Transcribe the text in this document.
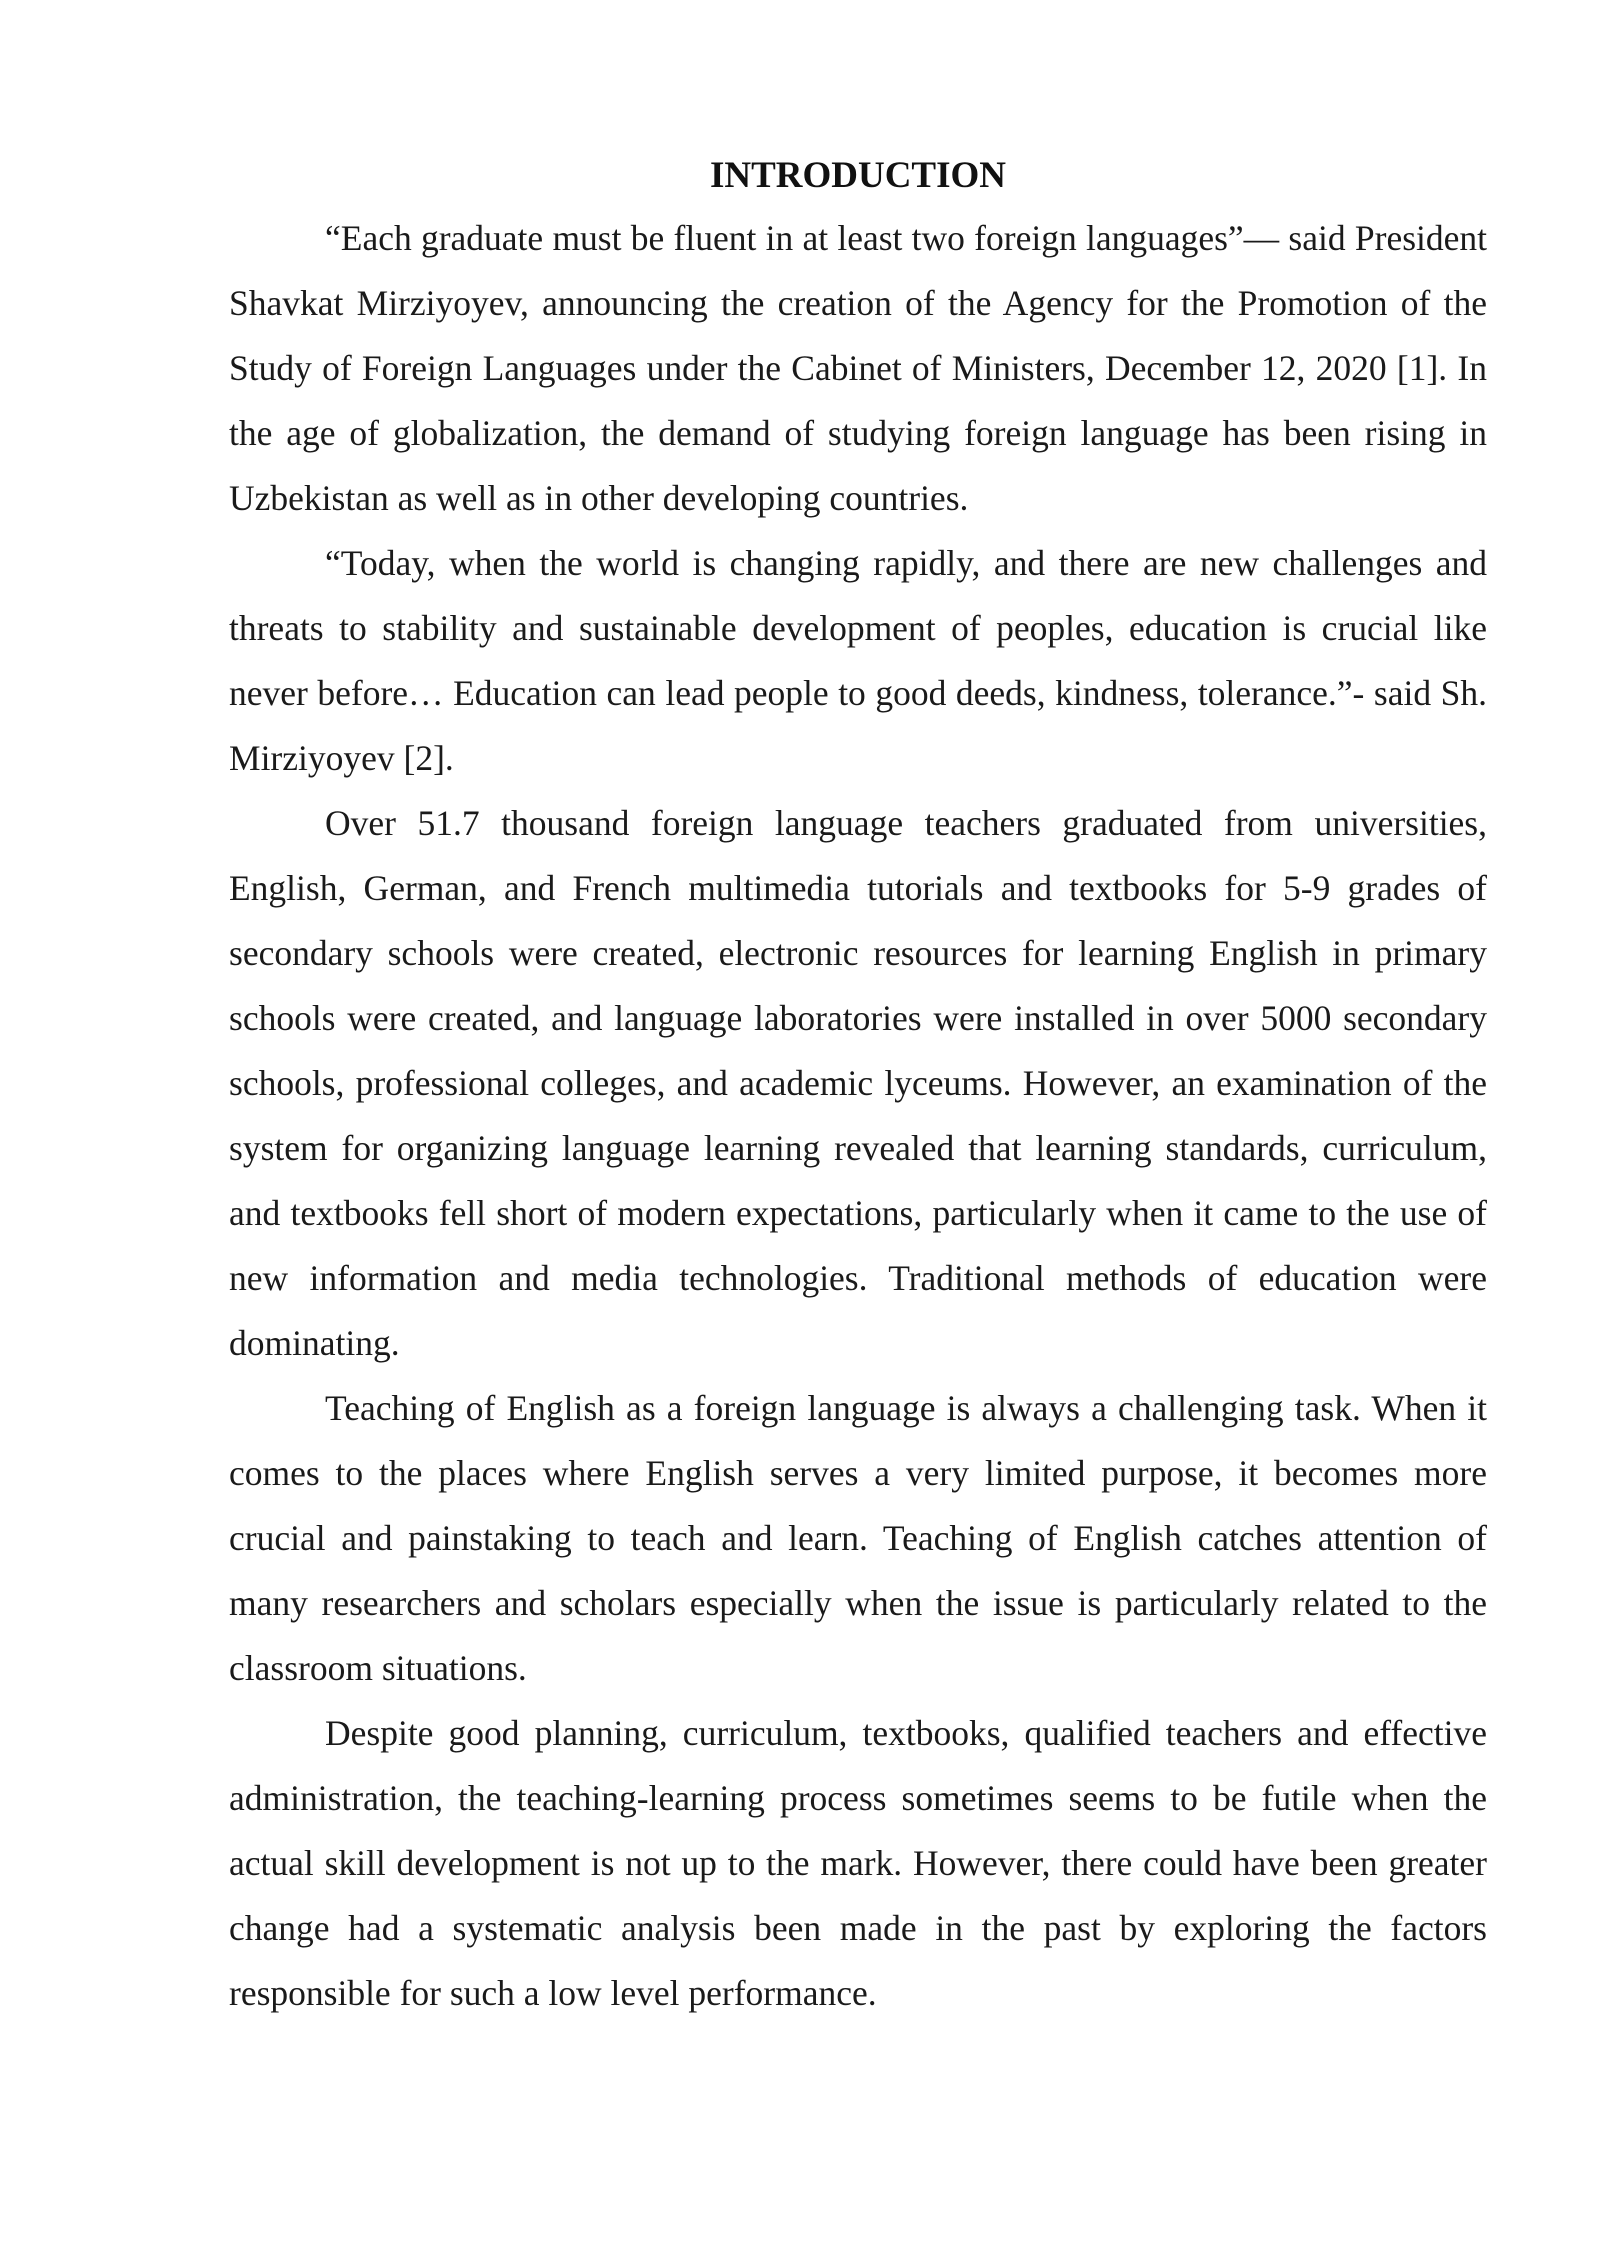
INTRODUCTION

“Each graduate must be fluent in at least two foreign languages”— said President Shavkat Mirziyoyev, announcing the creation of the Agency for the Promotion of the Study of Foreign Languages under the Cabinet of Ministers, December 12, 2020 [1]. In the age of globalization, the demand of studying foreign language has been rising in Uzbekistan as well as in other developing countries.

“Today, when the world is changing rapidly, and there are new challenges and threats to stability and sustainable development of peoples, education is crucial like never before… Education can lead people to good deeds, kindness, tolerance.”- said Sh. Mirziyoyev [2].

Over 51.7 thousand foreign language teachers graduated from universities, English, German, and French multimedia tutorials and textbooks for 5-9 grades of secondary schools were created, electronic resources for learning English in primary schools were created, and language laboratories were installed in over 5000 secondary schools, professional colleges, and academic lyceums. However, an examination of the system for organizing language learning revealed that learning standards, curriculum, and textbooks fell short of modern expectations, particularly when it came to the use of new information and media technologies. Traditional methods of education were dominating.

Teaching of English as a foreign language is always a challenging task. When it comes to the places where English serves a very limited purpose, it becomes more crucial and painstaking to teach and learn. Teaching of English catches attention of many researchers and scholars especially when the issue is particularly related to the classroom situations.

Despite good planning, curriculum, textbooks, qualified teachers and effective administration, the teaching-learning process sometimes seems to be futile when the actual skill development is not up to the mark. However, there could have been greater change had a systematic analysis been made in the past by exploring the factors responsible for such a low level performance.
